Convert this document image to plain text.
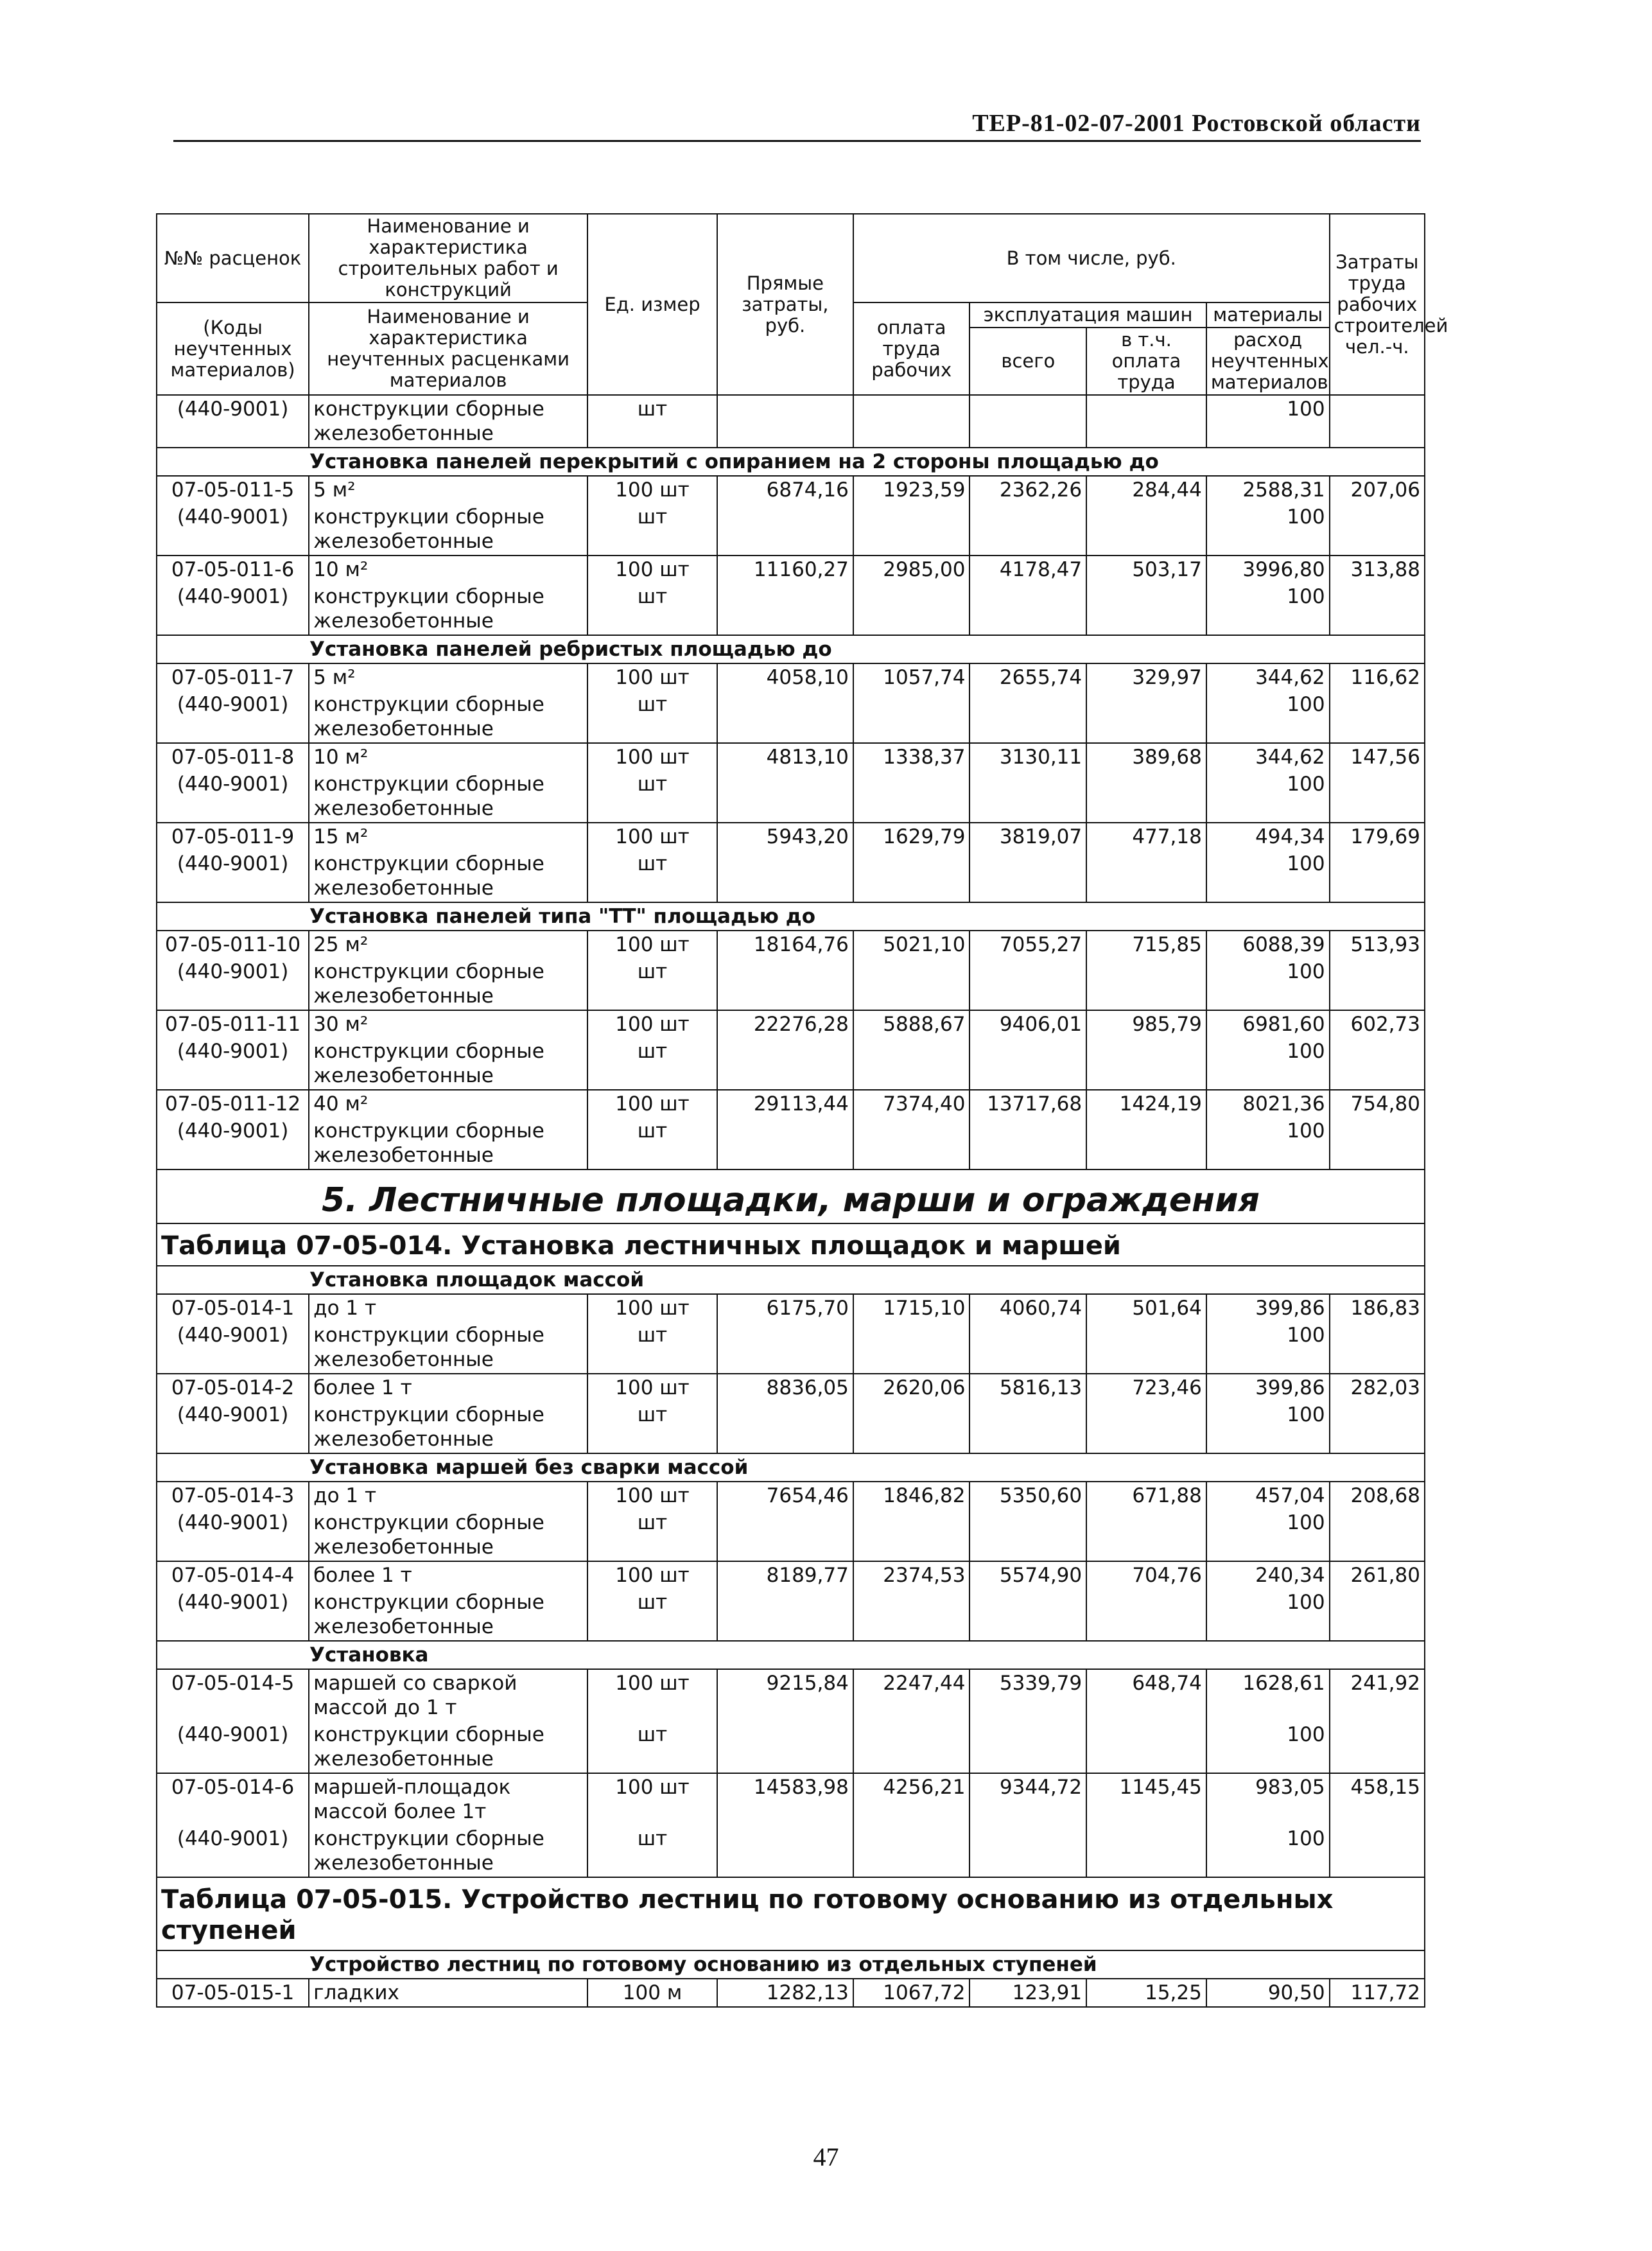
ТЕР-81-02-07-2001 Ростовской области
№№ расценок	Наименование и характеристика строительных работ и конструкций	Ед. измер	Прямые затраты, руб.	В том числе, руб.				Затраты труда рабочих строителей чел.-ч.
(Коды неучтенных материалов)	Наименование и характеристика неучтенных расценками материалов			оплата труда рабочих	эксплуатация машин		материалы	
					всего	в т.ч. оплата труда	расход неучтенных материалов	

(440-9001)	конструкции сборные железобетонные	шт					100	
Установка панелей перекрытий с опиранием на 2 стороны площадью до								
07-05-011-5	5 м²	100 шт	6874,16	1923,59	2362,26	284,44	2588,31	207,06
(440-9001)	конструкции сборные железобетонные	шт					100	
07-05-011-6	10 м²	100 шт	11160,27	2985,00	4178,47	503,17	3996,80	313,88
(440-9001)	конструкции сборные железобетонные	шт					100	
Установка панелей ребристых площадью до								
07-05-011-7	5 м²	100 шт	4058,10	1057,74	2655,74	329,97	344,62	116,62
(440-9001)	конструкции сборные железобетонные	шт					100	
07-05-011-8	10 м²	100 шт	4813,10	1338,37	3130,11	389,68	344,62	147,56
(440-9001)	конструкции сборные железобетонные	шт					100	
07-05-011-9	15 м²	100 шт	5943,20	1629,79	3819,07	477,18	494,34	179,69
(440-9001)	конструкции сборные железобетонные	шт					100	
Установка панелей типа "ТТ" площадью до								
07-05-011-10	25 м²	100 шт	18164,76	5021,10	7055,27	715,85	6088,39	513,93
(440-9001)	конструкции сборные железобетонные	шт					100	
07-05-011-11	30 м²	100 шт	22276,28	5888,67	9406,01	985,79	6981,60	602,73
(440-9001)	конструкции сборные железобетонные	шт					100	
07-05-011-12	40 м²	100 шт	29113,44	7374,40	13717,68	1424,19	8021,36	754,80
(440-9001)	конструкции сборные железобетонные	шт					100	
5. Лестничные площадки, марши и ограждения								
Таблица 07-05-014. Установка лестничных площадок и маршей								
Установка площадок массой								
07-05-014-1	до 1 т	100 шт	6175,70	1715,10	4060,74	501,64	399,86	186,83
(440-9001)	конструкции сборные железобетонные	шт					100	
07-05-014-2	более 1 т	100 шт	8836,05	2620,06	5816,13	723,46	399,86	282,03
(440-9001)	конструкции сборные железобетонные	шт					100	
Установка маршей без сварки массой								
07-05-014-3	до 1 т	100 шт	7654,46	1846,82	5350,60	671,88	457,04	208,68
(440-9001)	конструкции сборные железобетонные	шт					100	
07-05-014-4	более 1 т	100 шт	8189,77	2374,53	5574,90	704,76	240,34	261,80
(440-9001)	конструкции сборные железобетонные	шт					100	
Установка								
07-05-014-5	маршей со сваркой массой до 1 т	100 шт	9215,84	2247,44	5339,79	648,74	1628,61	241,92
(440-9001)	конструкции сборные железобетонные	шт					100	
07-05-014-6	маршей-площадок массой более 1т	100 шт	14583,98	4256,21	9344,72	1145,45	983,05	458,15
(440-9001)	конструкции сборные железобетонные	шт					100	
Таблица 07-05-015. Устройство лестниц по готовому основанию из отдельных ступеней								
Устройство лестниц по готовому основанию из отдельных ступеней								
07-05-015-1	гладких	100 м	1282,13	1067,72	123,91	15,25	90,50	117,72
47
